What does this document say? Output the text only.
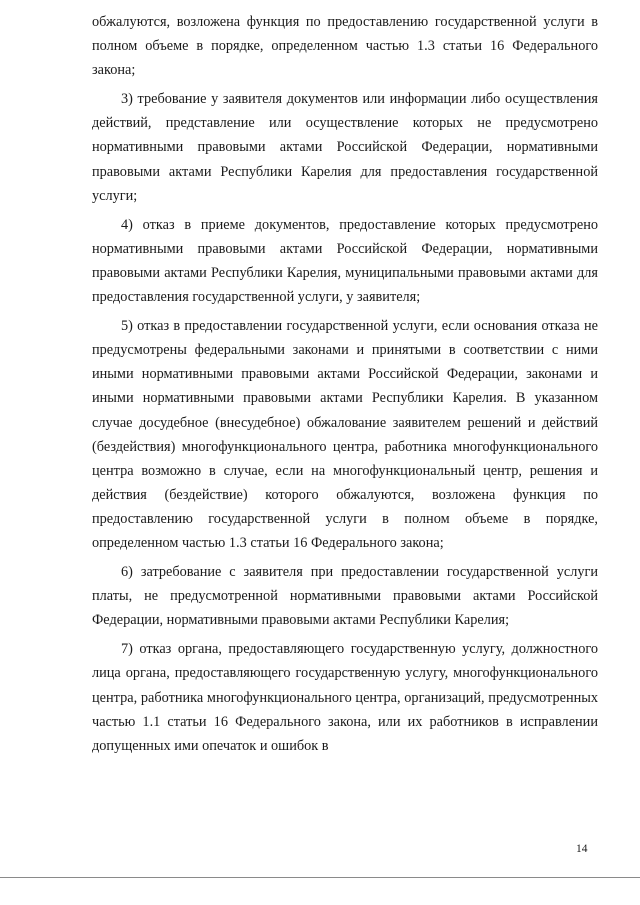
обжалуются, возложена функция по предоставлению государственной услуги в полном объеме в порядке, определенном частью 1.3 статьи 16 Федерального закона;

3) требование у заявителя документов или информации либо осуществления действий, представление или осуществление которых не предусмотрено нормативными правовыми актами Российской Федерации, нормативными правовыми актами Республики Карелия для предоставления государственной услуги;

4) отказ в приеме документов, предоставление которых предусмотрено нормативными правовыми актами Российской Федерации, нормативными правовыми актами Республики Карелия, муниципальными правовыми актами для предоставления государственной услуги, у заявителя;

5) отказ в предоставлении государственной услуги, если основания отказа не предусмотрены федеральными законами и принятыми в соответствии с ними иными нормативными правовыми актами Российской Федерации, законами и иными нормативными правовыми актами Республики Карелия. В указанном случае досудебное (внесудебное) обжалование заявителем решений и действий (бездействия) многофункционального центра, работника многофункционального центра возможно в случае, если на многофункциональный центр, решения и действия (бездействие) которого обжалуются, возложена функция по предоставлению государственной услуги в полном объеме в порядке, определенном частью 1.3 статьи 16 Федерального закона;

6) затребование с заявителя при предоставлении государственной услуги платы, не предусмотренной нормативными правовыми актами Российской Федерации, нормативными правовыми актами Республики Карелия;

7) отказ органа, предоставляющего государственную услугу, должностного лица органа, предоставляющего государственную услугу, многофункционального центра, работника многофункционального центра, организаций, предусмотренных частью 1.1 статьи 16 Федерального закона, или их работников в исправлении допущенных ими опечаток и ошибок в

14
